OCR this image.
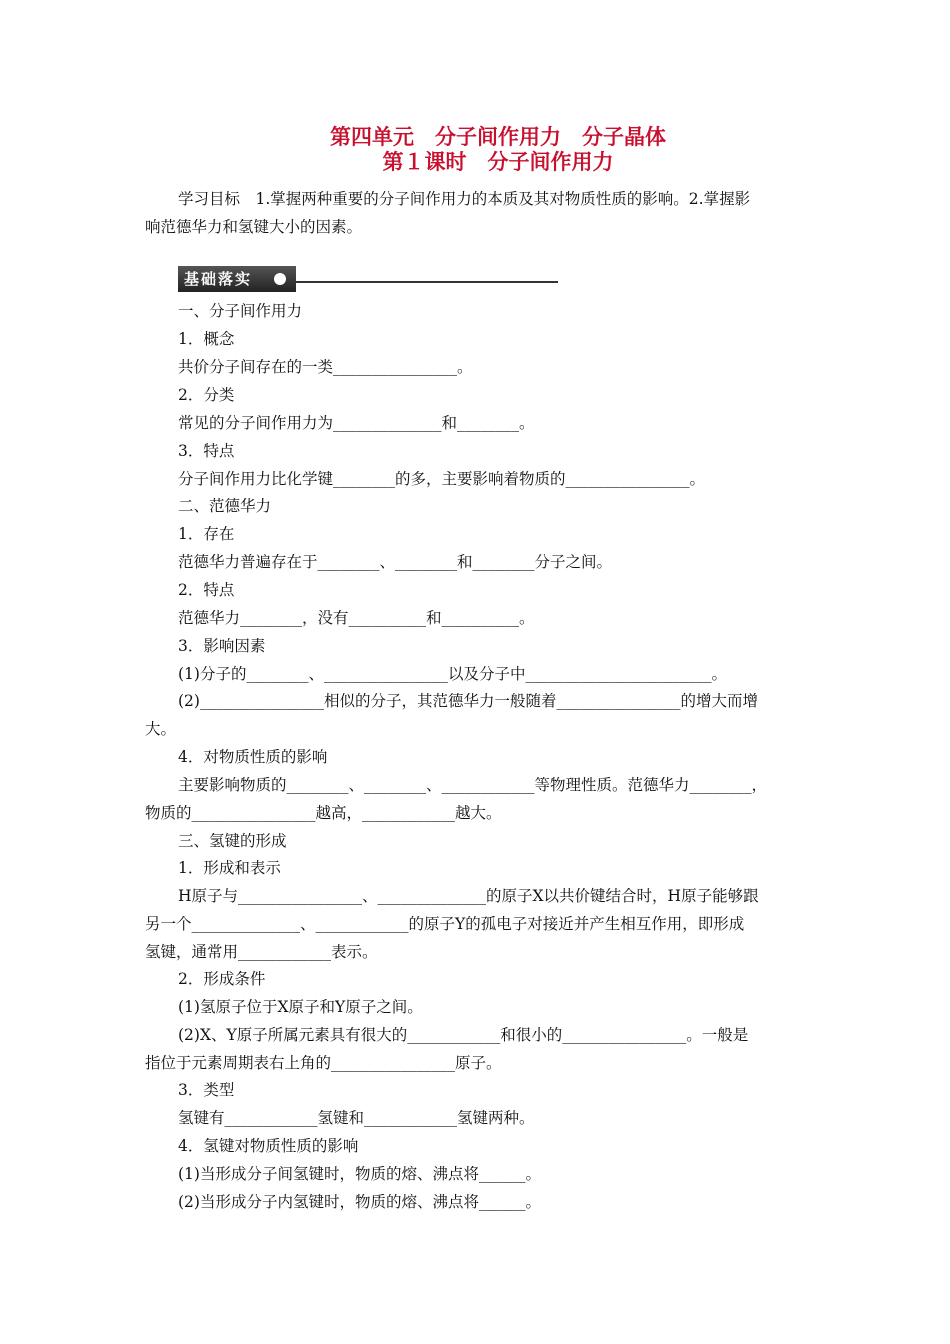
第四单元　分子间作用力　分子晶体
第１课时　分子间作用力
学习目标　1.掌握两种重要的分子间作用力的本质及其对物质性质的影响。2.掌握影
响范德华力和氢键大小的因素。
基础落实
一、分子间作用力
1．概念
共价分子间存在的一类________________。
2．分类
常见的分子间作用力为______________和________。
3．特点
分子间作用力比化学键________的多，主要影响着物质的________________。
二、范德华力
1．存在
范德华力普遍存在于________、________和________分子之间。
2．特点
范德华力________，没有__________和__________。
3．影响因素
(1)分子的________、________________以及分子中________________________。
(2)________________相似的分子，其范德华力一般随着________________的增大而增
大。
4．对物质性质的影响
主要影响物质的________、________、____________等物理性质。范德华力________，
物质的________________越高，____________越大。
三、氢键的形成
1．形成和表示
H原子与________________、______________的原子X以共价键结合时，H原子能够跟
另一个______________、____________的原子Y的孤电子对接近并产生相互作用，即形成
氢键，通常用____________表示。
2．形成条件
(1)氢原子位于X原子和Y原子之间。
(2)X、Y原子所属元素具有很大的____________和很小的________________。一般是
指位于元素周期表右上角的________________原子。
3．类型
氢键有____________氢键和____________氢键两种。
4．氢键对物质性质的影响
(1)当形成分子间氢键时，物质的熔、沸点将______。
(2)当形成分子内氢键时，物质的熔、沸点将______。
